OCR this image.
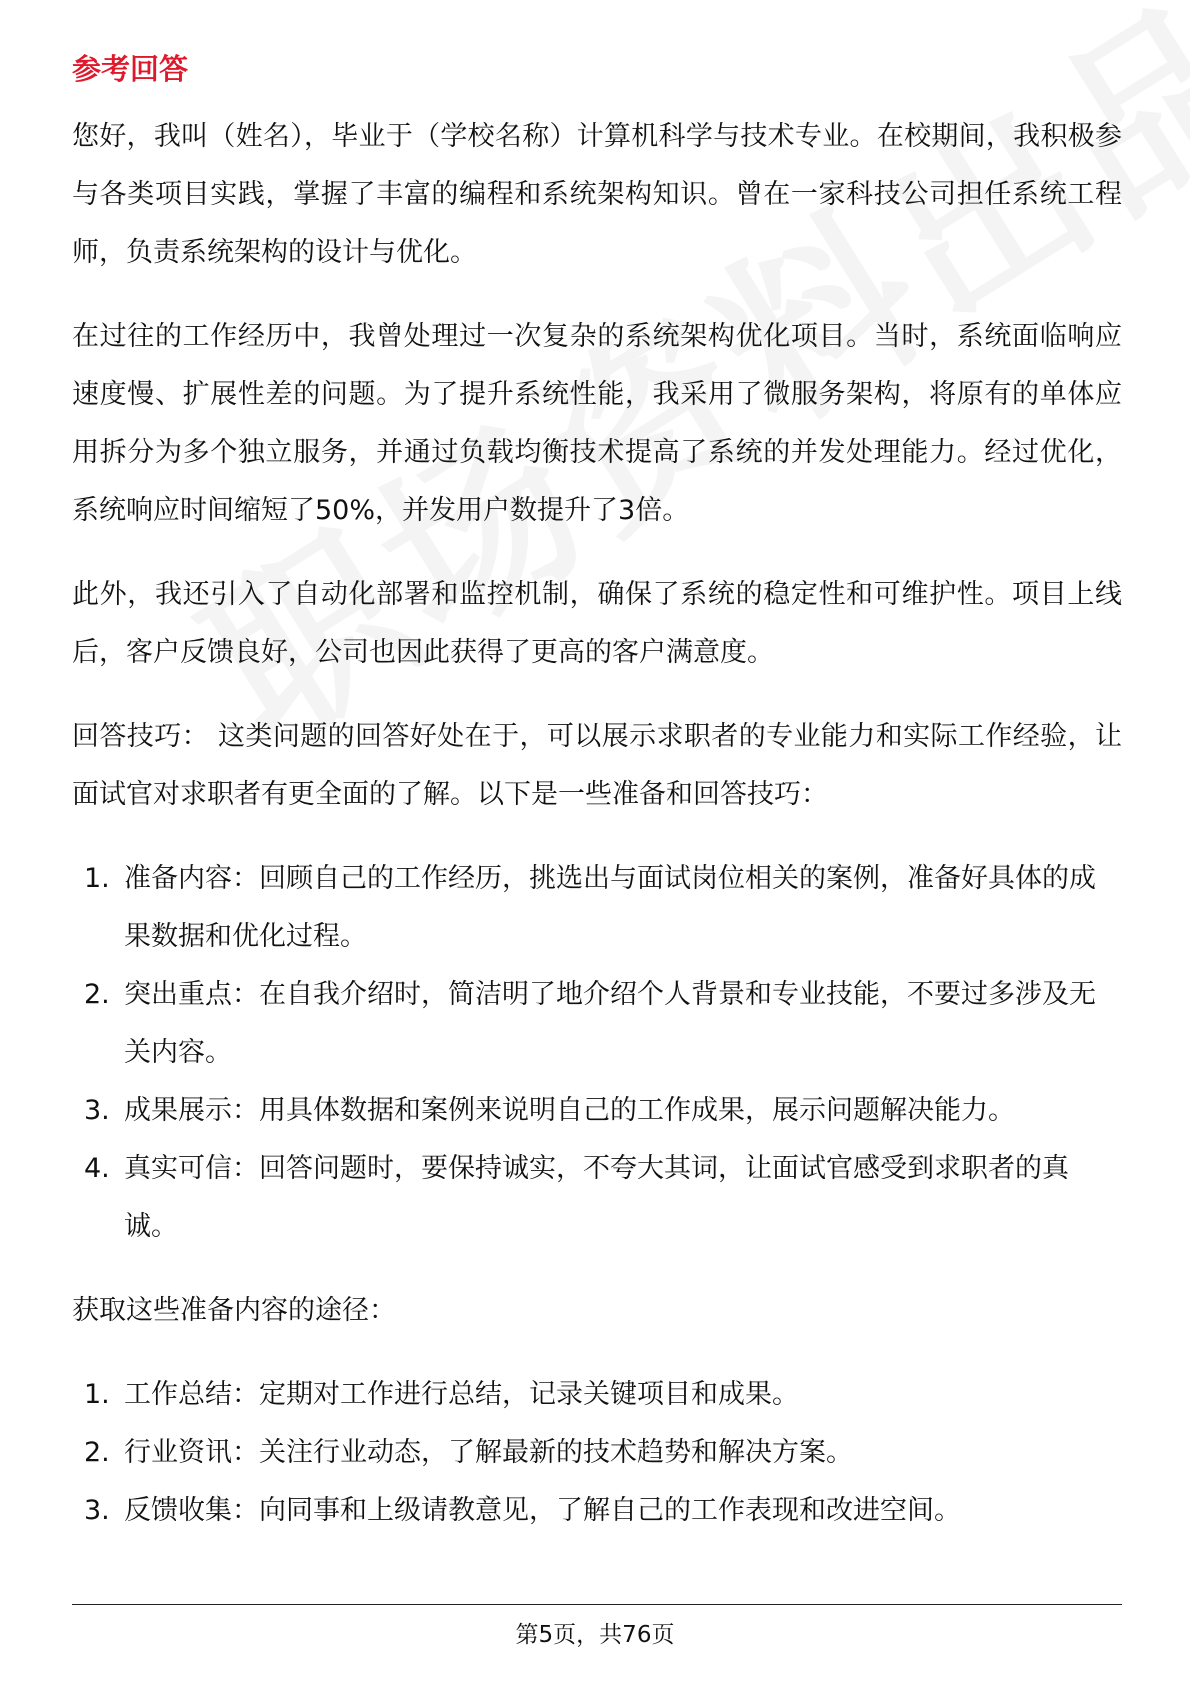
参考回答

您好，我叫（姓名），毕业于（学校名称）计算机科学与技术专业。在校期间，我积极参与各类项目实践，掌握了丰富的编程和系统架构知识。曾在一家科技公司担任系统工程师，负责系统架构的设计与优化。

在过往的工作经历中，我曾处理过一次复杂的系统架构优化项目。当时，系统面临响应速度慢、扩展性差的问题。为了提升系统性能，我采用了微服务架构，将原有的单体应用拆分为多个独立服务，并通过负载均衡技术提高了系统的并发处理能力。经过优化，系统响应时间缩短了50%，并发用户数提升了3倍。

此外，我还引入了自动化部署和监控机制，确保了系统的稳定性和可维护性。项目上线后，客户反馈良好，公司也因此获得了更高的客户满意度。

回答技巧： 这类问题的回答好处在于，可以展示求职者的专业能力和实际工作经验，让面试官对求职者有更全面的了解。以下是一些准备和回答技巧：

1. 准备内容：回顾自己的工作经历，挑选出与面试岗位相关的案例，准备好具体的成果数据和优化过程。
2. 突出重点：在自我介绍时，简洁明了地介绍个人背景和专业技能，不要过多涉及无关内容。
3. 成果展示：用具体数据和案例来说明自己的工作成果，展示问题解决能力。
4. 真实可信：回答问题时，要保持诚实，不夸大其词，让面试官感受到求职者的真诚。

获取这些准备内容的途径：

1. 工作总结：定期对工作进行总结，记录关键项目和成果。
2. 行业资讯：关注行业动态，了解最新的技术趋势和解决方案。
3. 反馈收集：向同事和上级请教意见，了解自己的工作表现和改进空间。
第5页，共76页
